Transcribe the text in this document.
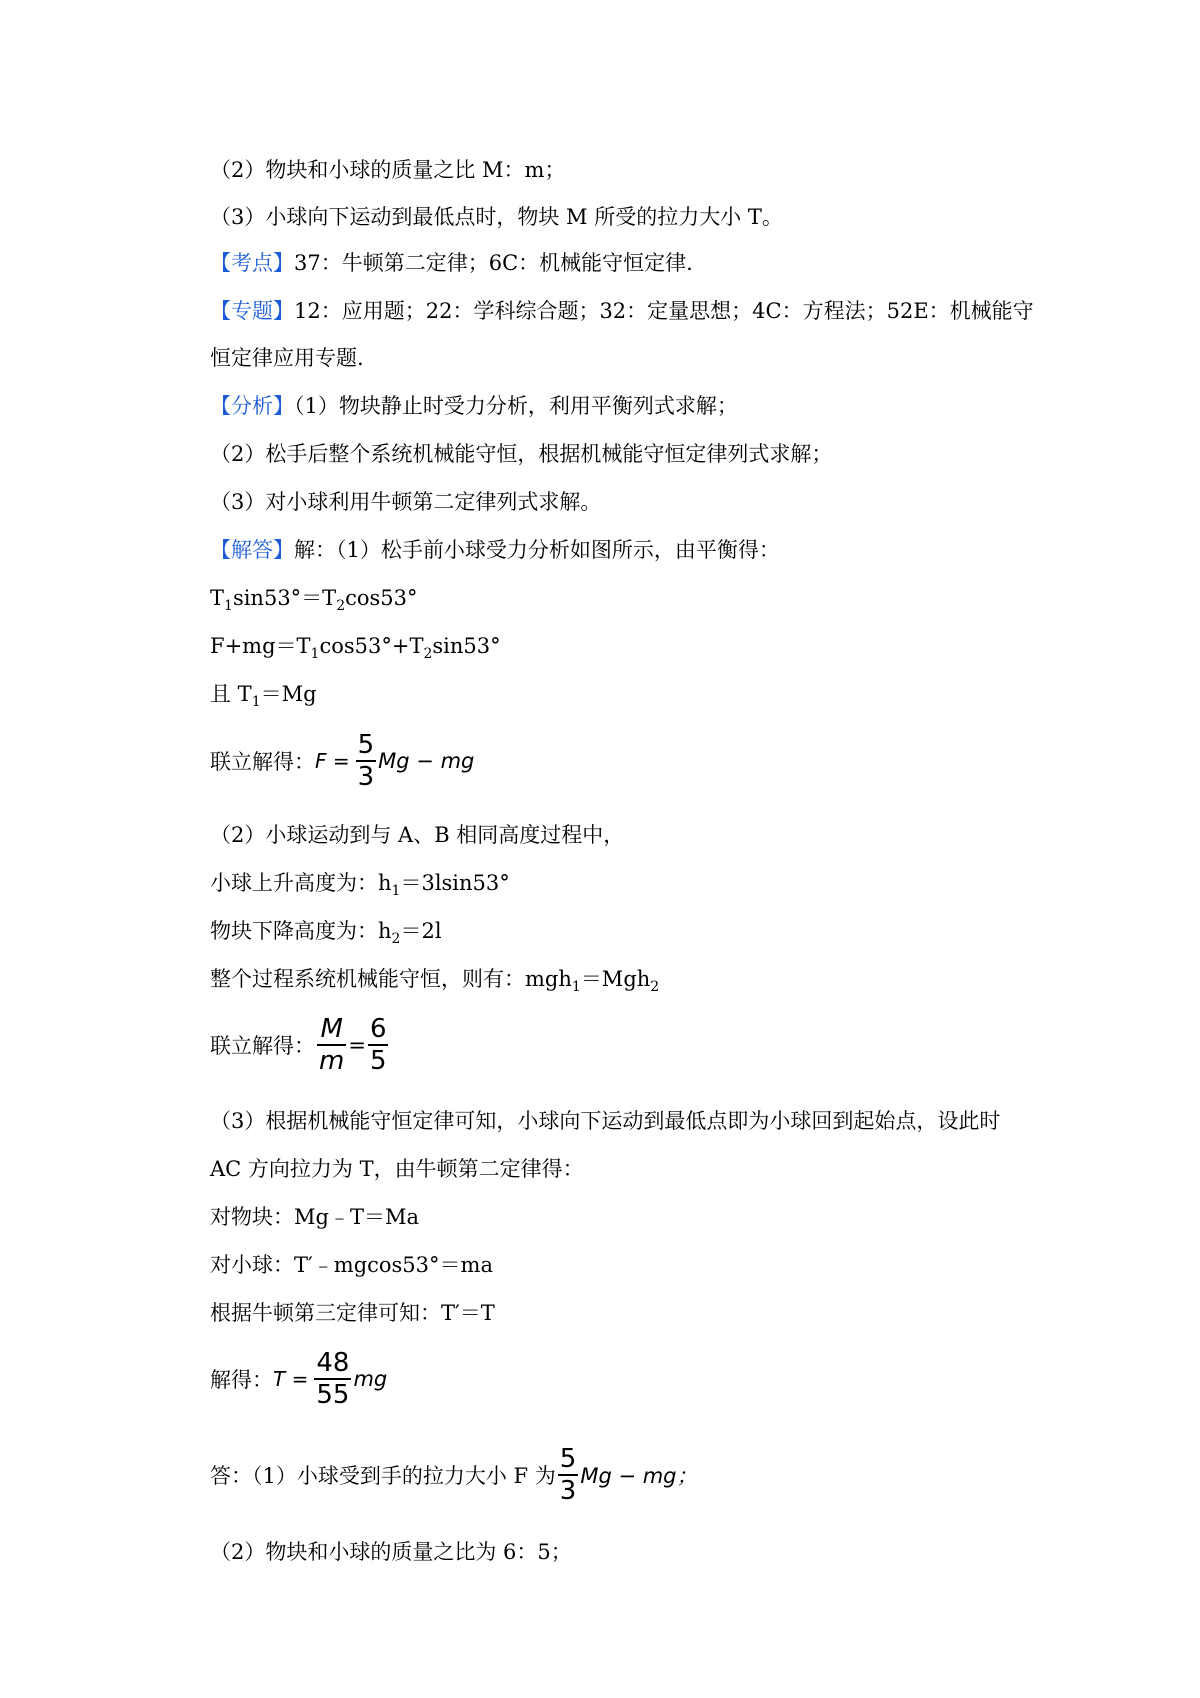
（2）物块和小球的质量之比 M：m；
（3）小球向下运动到最低点时，物块 M 所受的拉力大小 T。
【考点】37：牛顿第二定律；6C：机械能守恒定律.
【专题】12：应用题；22：学科综合题；32：定量思想；4C：方程法；52E：机械能守
恒定律应用专题.
【分析】（1）物块静止时受力分析，利用平衡列式求解；
（2）松手后整个系统机械能守恒，根据机械能守恒定律列式求解；
（3）对小球利用牛顿第二定律列式求解。
【解答】解：（1）松手前小球受力分析如图所示，由平衡得：
$T_1\sin 53^\circ=T_2\cos 53^\circ$
$F+mg=T_1\cos 53^\circ+T_2\sin 53^\circ$
且 $T_1=Mg$
联立解得： $F = \frac{5}{3}$ Mg − mg
（2）小球运动到与 A、B 相同高度过程中，
小球上升高度为：$h_1=3lsin53^\circ$
物块下降高度为：$h_2=2l$
整个过程系统机械能守恒，则有：mgh$_1$＝Mgh$_2$
联立解得： $\frac{M}{m} = \frac{6}{5}$
（3）根据机械能守恒定律可知，小球向下运动到最低点即为小球回到起始点，设此时
AC 方向拉力为 T，由牛顿第二定律得：
对物块：Mg﹣T＝Ma
对小球：T′﹣mgcos53°＝ma
根据牛顿第三定律可知：T′＝T
解得： $T = \frac{48}{55}$ mg
答：（1）小球受到手的拉力大小 F 为 $\frac{5}{3}$ Mg − mg；
（2）物块和小球的质量之比为 6：5；
